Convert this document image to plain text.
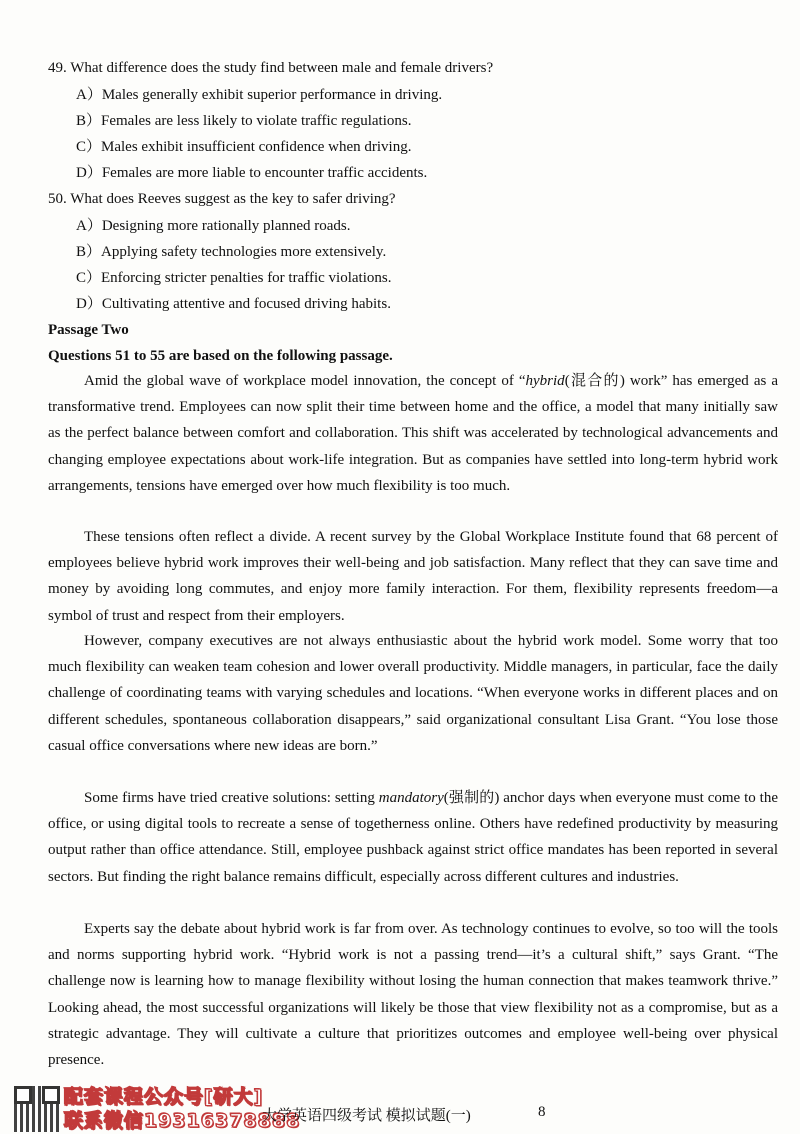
49. What difference does the study find between male and female drivers?
A）Males generally exhibit superior performance in driving.
B）Females are less likely to violate traffic regulations.
C）Males exhibit insufficient confidence when driving.
D）Females are more liable to encounter traffic accidents.
50. What does Reeves suggest as the key to safer driving?
A）Designing more rationally planned roads.
B）Applying safety technologies more extensively.
C）Enforcing stricter penalties for traffic violations.
D）Cultivating attentive and focused driving habits.
Passage Two
Questions 51 to 55 are based on the following passage.
Amid the global wave of workplace model innovation, the concept of “hybrid(混合的) work” has emerged as a transformative trend. Employees can now split their time between home and the office, a model that many initially saw as the perfect balance between comfort and collaboration. This shift was accelerated by technological advancements and changing employee expectations about work-life integration. But as companies have settled into long-term hybrid work arrangements, tensions have emerged over how much flexibility is too much.
These tensions often reflect a divide. A recent survey by the Global Workplace Institute found that 68 percent of employees believe hybrid work improves their well-being and job satisfaction. Many reflect that they can save time and money by avoiding long commutes, and enjoy more family interaction. For them, flexibility represents freedom—a symbol of trust and respect from their employers.
However, company executives are not always enthusiastic about the hybrid work model. Some worry that too much flexibility can weaken team cohesion and lower overall productivity. Middle managers, in particular, face the daily challenge of coordinating teams with varying schedules and locations. “When everyone works in different places and on different schedules, spontaneous collaboration disappears,” said organizational consultant Lisa Grant. “You lose those casual office conversations where new ideas are born.”
Some firms have tried creative solutions: setting mandatory(强制的) anchor days when everyone must come to the office, or using digital tools to recreate a sense of togetherness online. Others have redefined productivity by measuring output rather than office attendance. Still, employee pushback against strict office mandates has been reported in several sectors. But finding the right balance remains difficult, especially across different cultures and industries.
Experts say the debate about hybrid work is far from over. As technology continues to evolve, so too will the tools and norms supporting hybrid work. “Hybrid work is not a passing trend—it’s a cultural shift,” says Grant. “The challenge now is learning how to manage flexibility without losing the human connection that makes teamwork thrive.” Looking ahead, the most successful organizations will likely be those that view flexibility not as a compromise, but as a strategic advantage. They will cultivate a culture that prioritizes outcomes and employee well-being over physical presence.
配套课程公众号[研大]
联系微信19316378888
大学英语四级考试 模拟试题(一)	8
